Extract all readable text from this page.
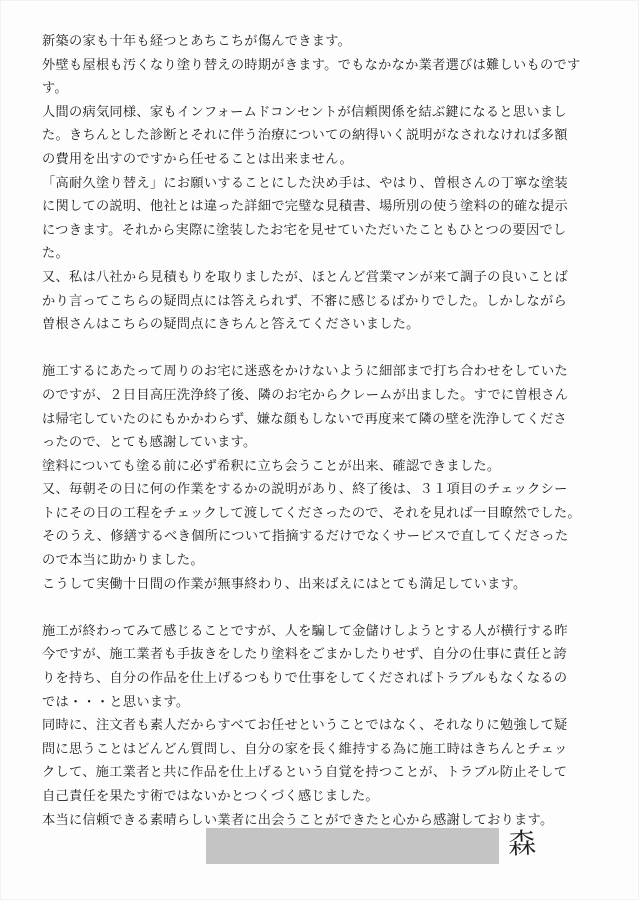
新築の家も十年も経つとあちこちが傷んできます。
外壁も屋根も汚くなり塗り替えの時期がきます。でもなかなか業者選びは難しいものです
す。
人間の病気同様、家もインフォームドコンセントが信頼関係を結ぶ鍵になると思いまし
た。きちんとした診断とそれに伴う治療についての納得いく説明がなされなければ多額
の費用を出すのですから任せることは出来ません。
「高耐久塗り替え」にお願いすることにした決め手は、やはり、曽根さんの丁寧な塗装
に関しての説明、他社とは違った詳細で完璧な見積書、場所別の使う塗料の的確な提示
につきます。それから実際に塗装したお宅を見せていただいたこともひとつの要因でし
た。
又、私は八社から見積もりを取りましたが、ほとんど営業マンが来て調子の良いことば
かり言ってこちらの疑問点には答えられず、不審に感じるばかりでした。しかしながら
曽根さんはこちらの疑問点にきちんと答えてくださいました。
施工するにあたって周りのお宅に迷惑をかけないように細部まで打ち合わせをしていた
のですが、２日目高圧洗浄終了後、隣のお宅からクレームが出ました。すでに曽根さん
は帰宅していたのにもかかわらず、嫌な顔もしないで再度来て隣の壁を洗浄してくださ
ったので、とても感謝しています。
塗料についても塗る前に必ず希釈に立ち会うことが出来、確認できました。
又、毎朝その日に何の作業をするかの説明があり、終了後は、３１項目のチェックシー
トにその日の工程をチェックして渡してくださったので、それを見れば一目瞭然でした。
そのうえ、修繕するべき個所について指摘するだけでなくサービスで直してくださった
ので本当に助かりました。
こうして実働十日間の作業が無事終わり、出来ばえにはとても満足しています。
施工が終わってみて感じることですが、人を騙して金儲けしようとする人が横行する昨
今ですが、施工業者も手抜きをしたり塗料をごまかしたりせず、自分の仕事に責任と誇
りを持ち、自分の作品を仕上げるつもりで仕事をしてくださればトラブルもなくなるの
では・・・と思います。
同時に、注文者も素人だからすべてお任せということではなく、それなりに勉強して疑
問に思うことはどんどん質問し、自分の家を長く維持する為に施工時はきちんとチェッ
クして、施工業者と共に作品を仕上げるという自覚を持つことが、トラブル防止そして
自己責任を果たす術ではないかとつくづく感じました。
本当に信頼できる素晴らしい業者に出会うことができたと心から感謝しております。
森
